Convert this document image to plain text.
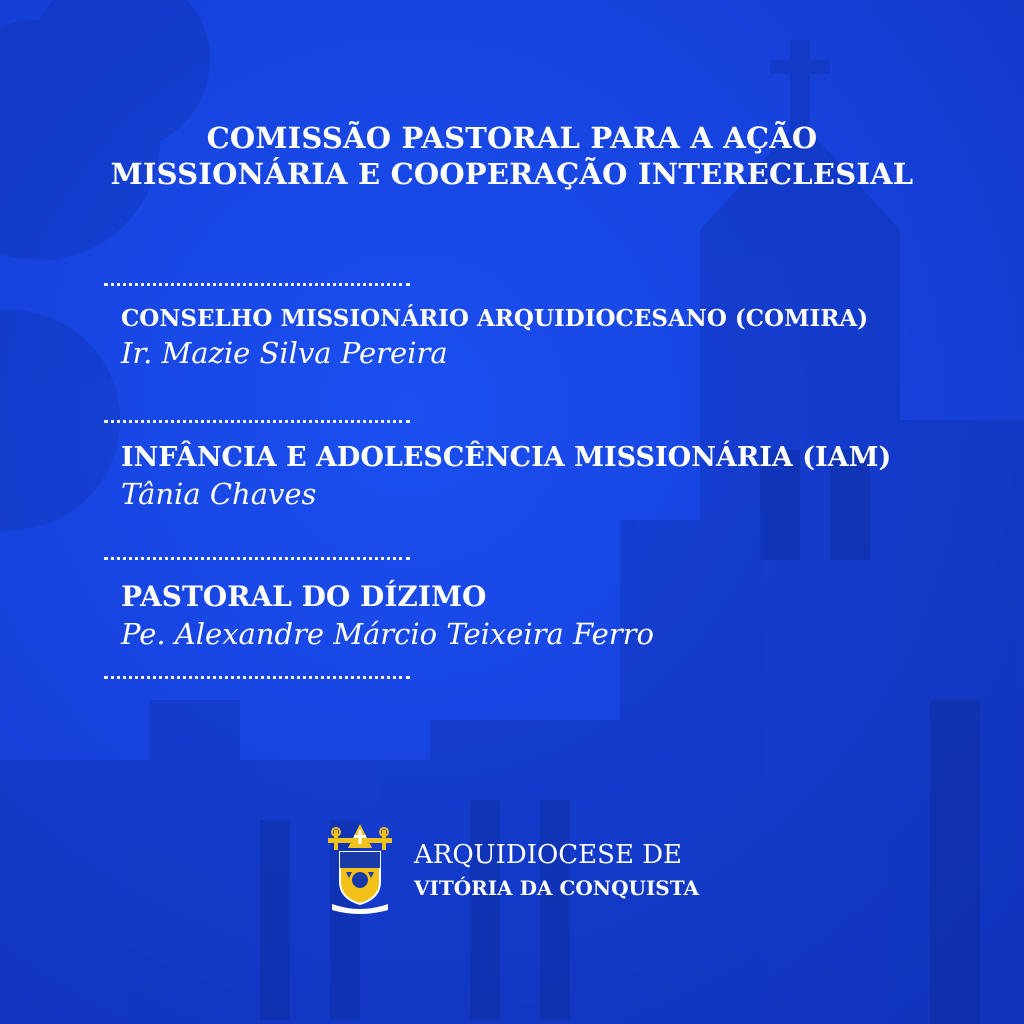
COMISSÃO PASTORAL PARA A AÇÃO
MISSIONÁRIA E COOPERAÇÃO INTERECLESIAL
CONSELHO MISSIONÁRIO ARQUIDIOCESANO (COMIRA)
Ir. Mazie Silva Pereira
INFÂNCIA E ADOLESCÊNCIA MISSIONÁRIA (IAM)
Tânia Chaves
PASTORAL DO DÍZIMO
Pe. Alexandre Márcio Teixeira Ferro
ARQUIDIOCESE DE
VITÓRIA DA CONQUISTA
